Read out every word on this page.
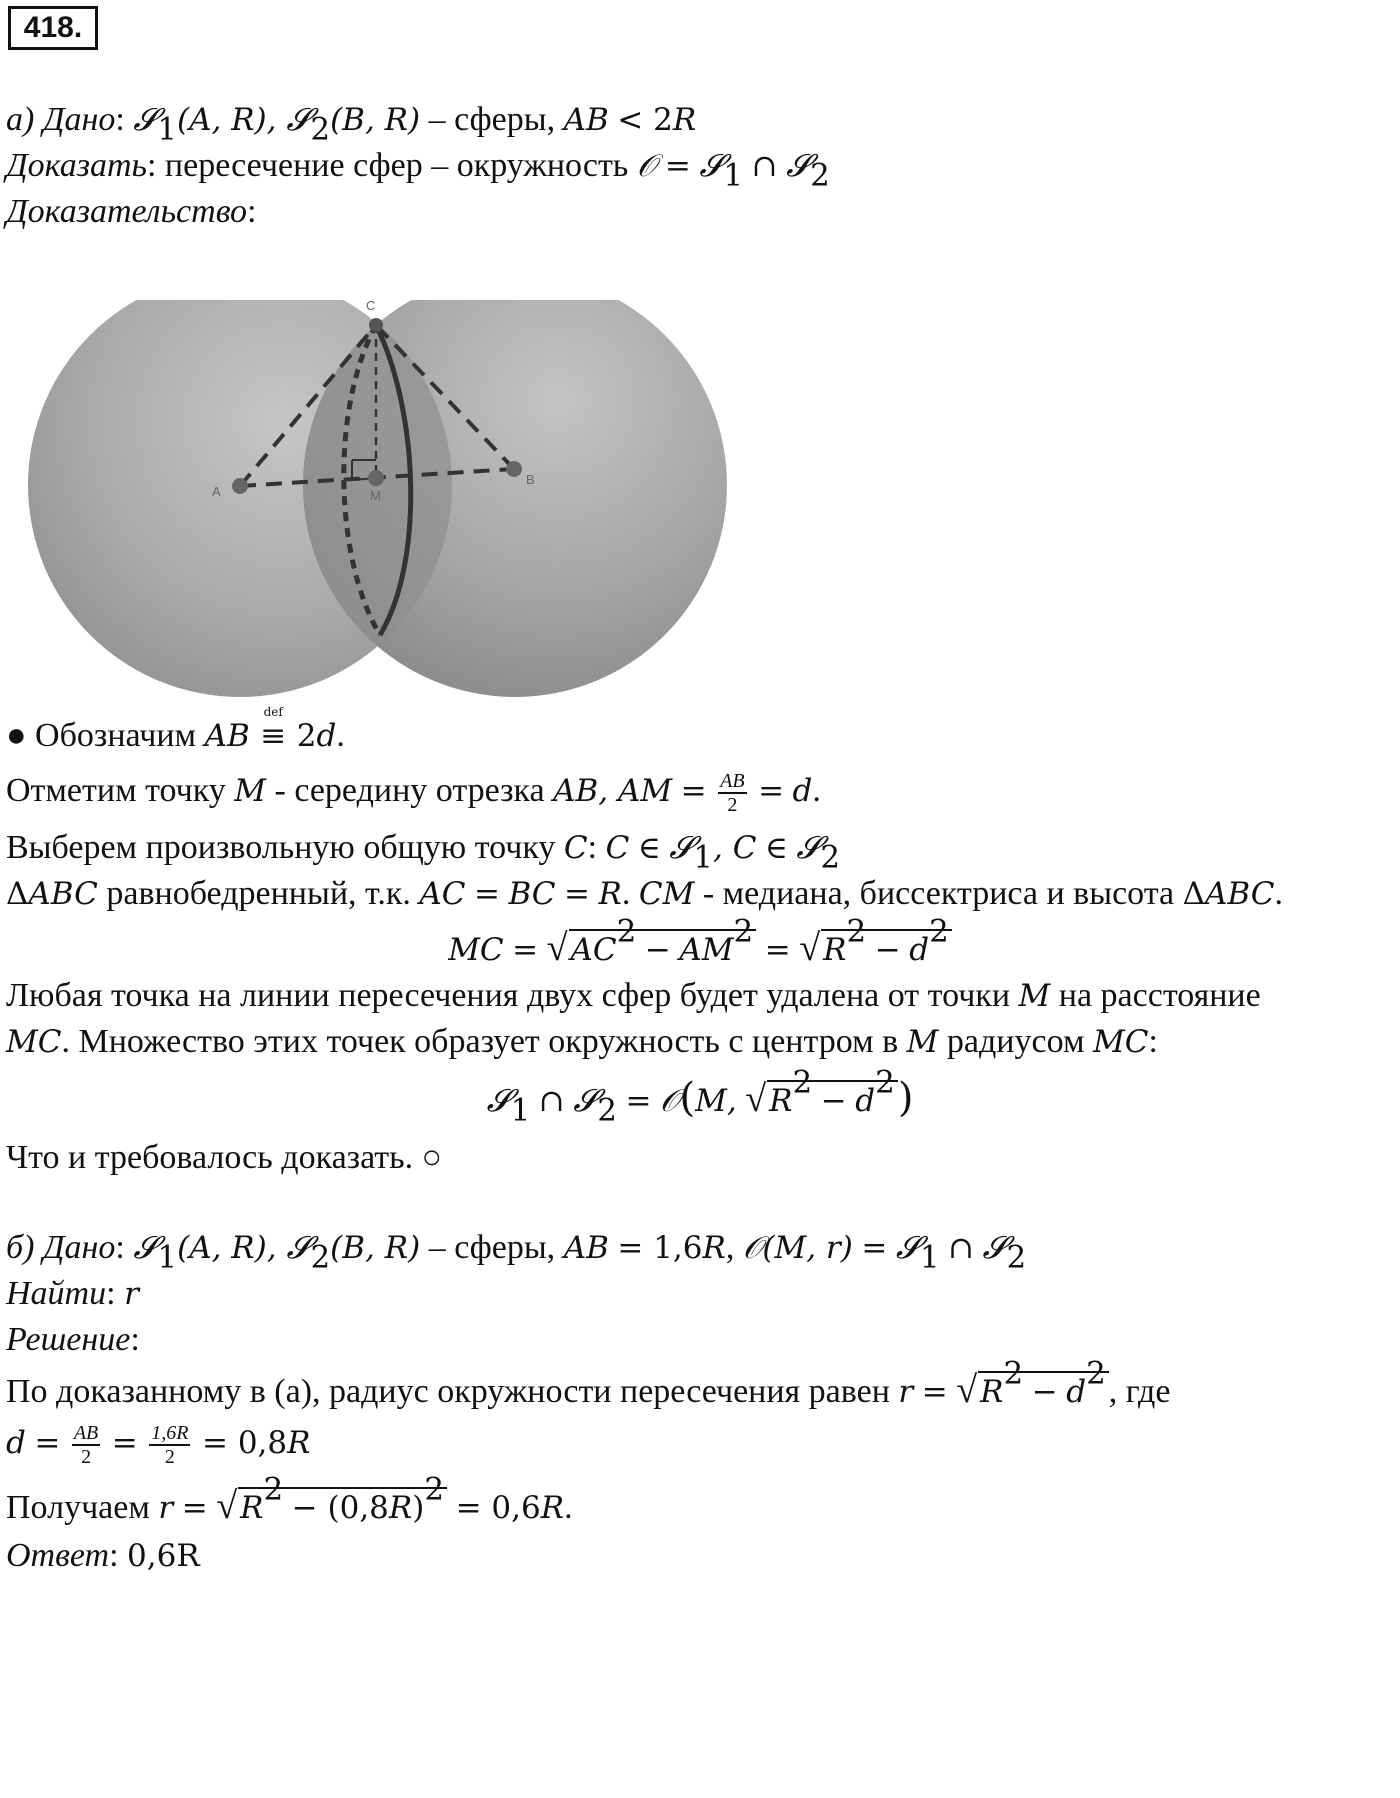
418.
а) Дано: 𝓢$_1$(A, R), 𝓢$_2$(B, R) – сферы, AB < 2R
Доказать: пересечение сфер – окружность 𝒪 = 𝓢$_1$ ∩ 𝓢$_2$
Доказательство:
C
A	M
B
● Обозначим AB
def
≡ 2d.
Отметим точку M - середину отрезка AB, AM = $\frac{AB}{2} = d$.
Выберем произвольную общую точку C: C ∈ 𝓢$_1$, C ∈ 𝓢$_2$
ΔABC равнобедренный, т.к. AC = BC = R. CM - медиана, биссектриса и высота ΔABC.
MC = $√AC^2 - AM^2 = √R^2 - d^2$
Любая точка на линии пересечения двух сфер будет удалена от точки M на расстояние
MC. Множество этих точек образует окружность с центром в M радиусом MC:
𝓢$_1$ ∩ 𝓢$_2$ = 𝒪(M, $√R^2 - d^2$)
Что и требовалось доказать. ○
б) Дано: 𝓢$_1$(A, R), 𝓢$_2$(B, R) – сферы, AB = 1,6R, 𝒪(M, r) = 𝓢$_1$ ∩ 𝓢$_2$
Найти: r
Решение:
По доказанному в (а), радиус окружности пересечения равен $r = √R^2 - d^2$, где
$d = \frac{AB}{2} = \frac{1,6R}{2} = 0,8R$
Получаем $r = √R^2 - (0,8R)^2 = 0,6R$.
Ответ: 0,6R
